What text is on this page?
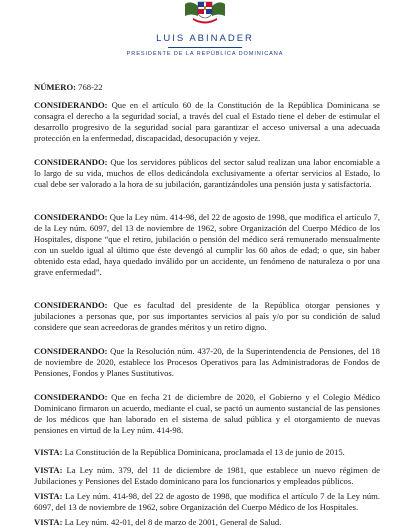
LUIS ABINADER
PRESIDENTE DE LA REPÚBLICA DOMINICANA
NÚMERO: 768-22

CONSIDERANDO: Que en el artículo 60 de la Constitución de la República Dominicana se consagra el derecho a la seguridad social, a través del cual el Estado tiene el deber de estimular el desarrollo progresivo de la seguridad social para garantizar el acceso universal a una adecuada protección en la enfermedad, discapacidad, desocupación y vejez.

CONSIDERANDO: Que los servidores públicos del sector salud realizan una labor encomiable a lo largo de su vida, muchos de ellos dedicándola exclusivamente a ofertar servicios al Estado, lo cual debe ser valorado a la hora de su jubilación, garantizándoles una pensión justa y satisfactoria.

CONSIDERANDO: Que la Ley núm. 414-98, del 22 de agosto de 1998, que modifica el artículo 7, de la Ley núm. 6097, del 13 de noviembre de 1962, sobre Organización del Cuerpo Médico de los Hospitales, dispone “que el retiro, jubilación o pensión del médico será remunerado mensualmente con un sueldo igual al último que éste devengó al cumplir los 60 años de edad; o que, sin haber obtenido esta edad, haya quedado inválido por un accidente, un fenómeno de naturaleza o por una grave enfermedad”.

CONSIDERANDO: Que es facultad del presidente de la República otorgar pensiones y jubilaciones a personas que, por sus importantes servicios al país y/o por su condición de salud considere que sean acreedoras de grandes méritos y un retiro digno.

CONSIDERANDO: Que la Resolución núm. 437-20, de la Superintendencia de Pensiones, del 18 de noviembre de 2020, establece los Procesos Operativos para las Administradoras de Fondos de Pensiones, Fondos y Planes Sustitutivos.

CONSIDERANDO: Que en fecha 21 de diciembre de 2020, el Gobierno y el Colegio Médico Dominicano firmaron un acuerdo, mediante el cual, se pactó un aumento sustancial de las pensiones de los médicos que han laborado en el sistema de salud pública y el otorgamiento de nuevas pensiones en virtud de la Ley núm. 414-98.

VISTA: La Constitución de la República Dominicana, proclamada el 13 de junio de 2015.

VISTA: La Ley núm. 379, del 11 de diciembre de 1981, que establece un nuevo régimen de Jubilaciones y Pensiones del Estado dominicano para los funcionarios y empleados públicos.

VISTA: La Ley núm. 414-98, del 22 de agosto de 1998, que modifica el artículo 7 de la Ley núm. 6097, del 13 de noviembre de 1962, sobre Organización del Cuerpo Médico de los Hospitales.

VISTA: La Ley núm. 42-01, del 8 de marzo de 2001, General de Salud.
